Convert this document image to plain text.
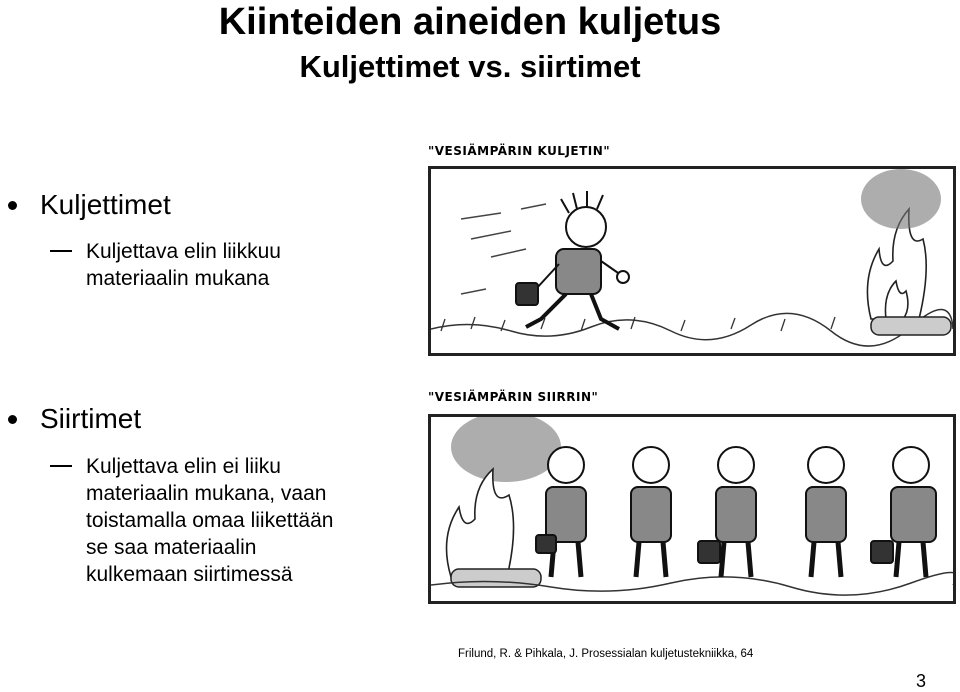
Kiinteiden aineiden kuljetus
Kuljettimet vs. siirtimet
Kuljettimet
Kuljettava elin liikkuu
materiaalin mukana
Siirtimet
Kuljettava elin ei liiku
materiaalin mukana, vaan
toistamalla omaa liikettään
se saa materiaalin
kulkemaan siirtimessä
"VESIÄMPÄRIN KULJETIN"
"VESIÄMPÄRIN SIIRRIN"
Frilund, R. & Pihkala, J. Prosessialan kuljetustekniikka, 64
3
